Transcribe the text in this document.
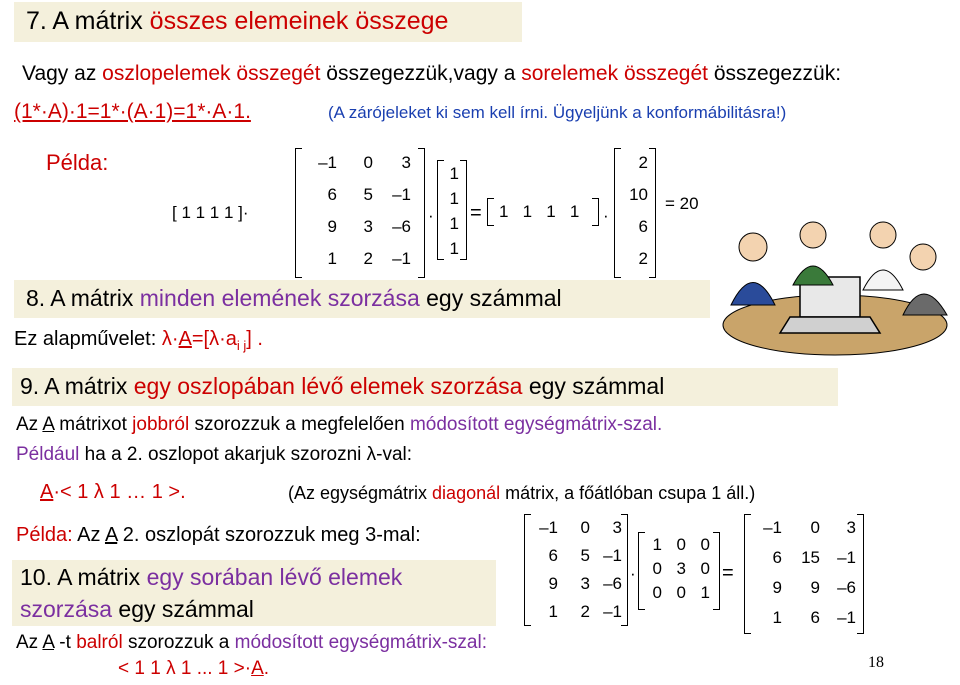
7. A mátrix összes elemeinek összege
Vagy az oszlopelemek összegét összegezzük,vagy a sorelemek összegét összegezzük:
(1*·A)·1=1*·(A·1)=1*·A·1.	(A zárójeleket ki sem kell írni. Ügyeljünk a konformábilitásra!)
Példa:
[ 1 1 1 1 ]·
–1	0	3
6	5	–1
9	3	–6
1	2	–1
·
1
1
1
1
= 1   1   1   1 ·
2
10
6
2
= 20
8. A mátrix minden elemének szorzása egy számmal
Ez alapművelet: $\lambda\cdot A=[\lambda\cdot a_{i j}]$ .
9. A mátrix egy oszlopában lévő elemek szorzása egy számmal
Az A mátrixot jobbról szorozzuk a megfelelően módosított egységmátrix-szal.
Például ha a 2. oszlopot akarjuk szorozni λ-val:
A·< 1 λ 1 … 1 >.	(Az egységmátrix diagonál mátrix, a főátlóban csupa 1 áll.)
Példa: Az A 2. oszlopát szorozzuk meg 3-mal:	–1	0	3
6	5 –1
9	3 –6
1	2 –1
·
1 0 0
0 3 0
0 0 1
=
–1	0	3
6	15	–1
9	9	–6
1	6	–1
10. A mátrix egy sorában lévő elemek
szorzása egy számmal
Az A -t balról szorozzuk a módosított egységmátrix-szal:
< 1 1 λ 1 ... 1 >·A.	18
